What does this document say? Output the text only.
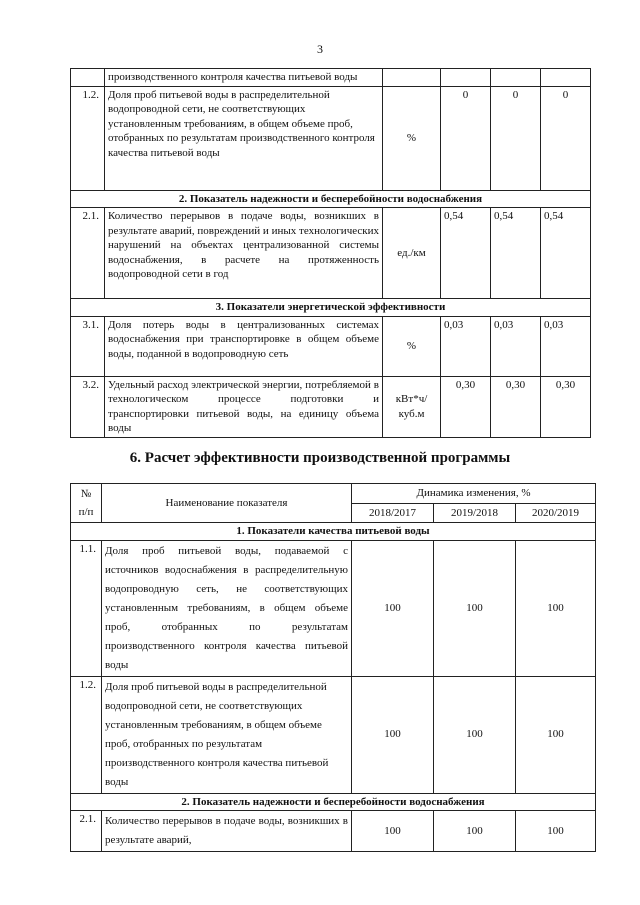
3
	производственного контроля качества питьевой воды				
1.2.	Доля проб питьевой воды в распределительной водопроводной сети, не соответствующих установленным требованиям, в общем объеме проб, отобранных по результатам производственного контроля качества питьевой воды	%	0	0	0
2. Показатель надежности и бесперебойности водоснабжения					
2.1.	Количество перерывов в подаче воды, возникших в результате аварий, повреждений и иных технологических нарушений на объектах централизованной системы водоснабжения, в расчете на протяженность водопроводной сети в год	ед./км	0,54	0,54	0,54
3. Показатели энергетической эффективности					
3.1.	Доля потерь воды в централизованных системах водоснабжения при транспортировке в общем объеме воды, поданной в водопроводную сеть	%	0,03	0,03	0,03
3.2.	Удельный расход электрической энергии, потребляемой в технологическом процессе подготовки и транспортировки питьевой воды, на единицу объема воды	кВт*ч/куб.м	0,30	0,30	0,30
6. Расчет эффективности производственной программы
№
п/п	Наименование показателя	Динамика изменения, %		
		2018/2017	2019/2018	2020/2019
1. Показатели качества питьевой воды				
1.1.	Доля проб питьевой воды, подаваемой с источников водоснабжения в распределительную водопроводную сеть, не соответствующих установленным требованиям, в общем объеме проб, отобранных по результатам производственного контроля качества питьевой воды	100	100	100
1.2.	Доля проб питьевой воды в распределительной водопроводной сети, не соответствующих установленным требованиям, в общем объеме проб, отобранных по результатам производственного контроля качества питьевой воды	100	100	100
2. Показатель надежности и бесперебойности водоснабжения				
2.1.	Количество перерывов в подаче воды, возникших в результате аварий,	100	100	100
